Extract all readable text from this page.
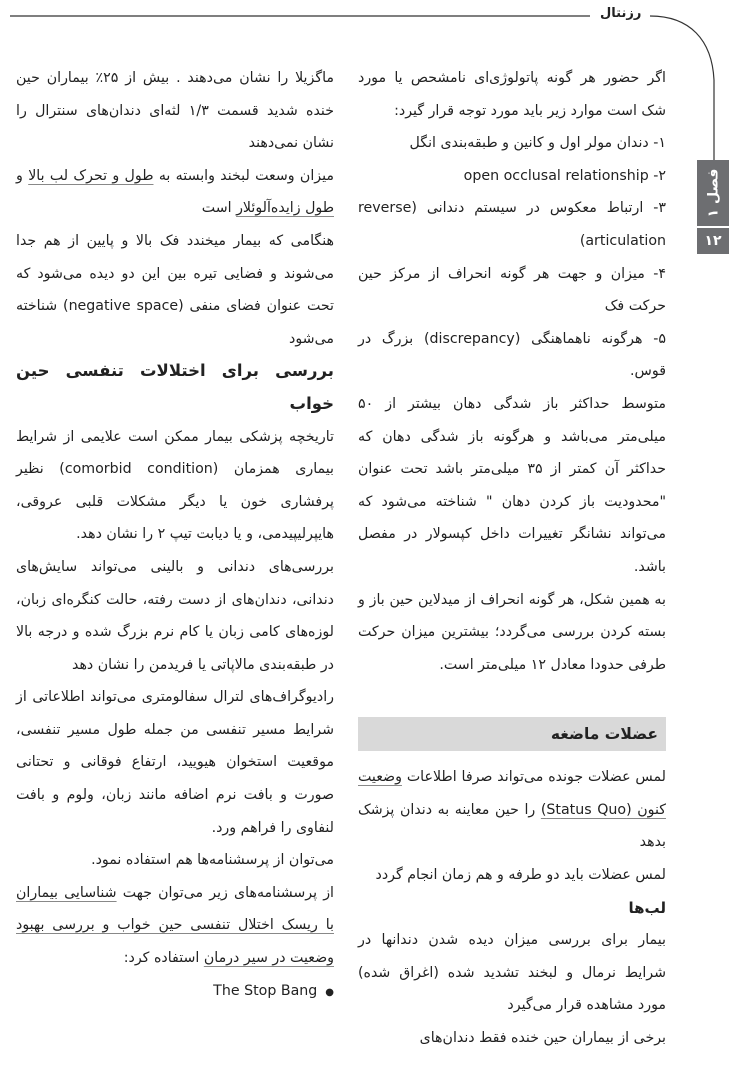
رزنتال
فصل ۱
۱۲

اگر حضور هر گونه پاتولوژی‌ای نامشحص یا مورد شک است موارد زیر باید مورد توجه قرار گیرد:

۱- دندان مولر اول و کانین و طبقه‌بندی انگل

۲- open occlusal relationship

۳- ارتباط معکوس در سیستم دندانی (reverse articulation)

۴- میزان و جهت هر گونه انحراف از مرکز حین حرکت فک

۵- هرگونه ناهماهنگی (discrepancy) بزرگ در قوس.

متوسط حداکثر باز شدگی دهان بیشتر از ۵۰ میلی‌متر می‌باشد و هرگونه باز شدگی دهان که حداکثر آن کمتر از ۳۵ میلی‌متر باشد تحت عنوان "محدودیت باز کردن دهان " شناخته می‌شود که می‌تواند نشانگر تغییرات داخل کپسولار در مفصل باشد.

به همین شکل، هر گونه انحراف از میدلاین حین باز و بسته کردن بررسی می‌گردد؛ بیشترین میزان حرکت طرفی حدودا معادل ۱۲ میلی‌متر است.

عضلات ماضغه

لمس عضلات جونده می‌تواند صرفا اطلاعات وضعیت کنون (Status Quo) را حین معاینه به دندان پزشک بدهد

لمس عضلات باید دو طرفه و هم زمان انجام گردد

لب‌ها

بیمار برای بررسی میزان دیده شدن دندانها در شرایط نرمال و لبخند تشدید شده (اغراق شده) مورد مشاهده قرار می‌گیرد

برخی از بیماران حین خنده فقط دندان‌های

ماگزیلا را نشان می‌دهند . بیش از ۲۵٪ بیماران حین خنده شدید قسمت ۱/۳ لثه‌ای دندان‌های سنترال را نشان نمی‌دهند

میزان وسعت لبخند وابسته به طول و تحرک لب بالا و طول زایده‌آلوئلار است

هنگامی که بیمار میخندد فک بالا و پایین از هم جدا می‌شوند و فضایی تیره بین این دو دیده می‌شود که تحت عنوان فضای منفی (negative space) شناخته می‌شود

بررسی برای اختلالات تنفسی حین خواب

تاریخچه پزشکی بیمار ممکن است علایمی از شرایط بیماری همزمان (comorbid condition) نظیر پرفشاری خون یا دیگر مشکلات قلبی عروقی، هایپرلیپیدمی، و یا دیابت تیپ ۲ را نشان دهد.

بررسی‌های دندانی و بالینی می‌تواند سایش‌های دندانی، دندان‌های از دست رفته، حالت کنگره‌ای زبان، لوزه‌های کامی زبان یا کام نرم بزرگ شده و درجه بالا در طبقه‌بندی مالاپاتی یا فریدمن را نشان دهد

رادیوگراف‌های لترال سفالومتری می‌تواند اطلاعاتی از شرایط مسیر تنفسی من جمله طول مسیر تنفسی، موقعیت استخوان هیویید، ارتفاع فوقانی و تحتانی صورت و بافت نرم اضافه مانند زبان، ولوم و بافت لنفاوی را فراهم ورد.

می‌توان از پرسشنامه‌ها هم استفاده نمود.

از پرسشنامه‌های زیر می‌توان جهت شناسایی بیماران با ریسک اختلال تنفسی حین خواب و بررسی بهبود وضعیت در سیر درمان استفاده کرد:

● The Stop Bang
